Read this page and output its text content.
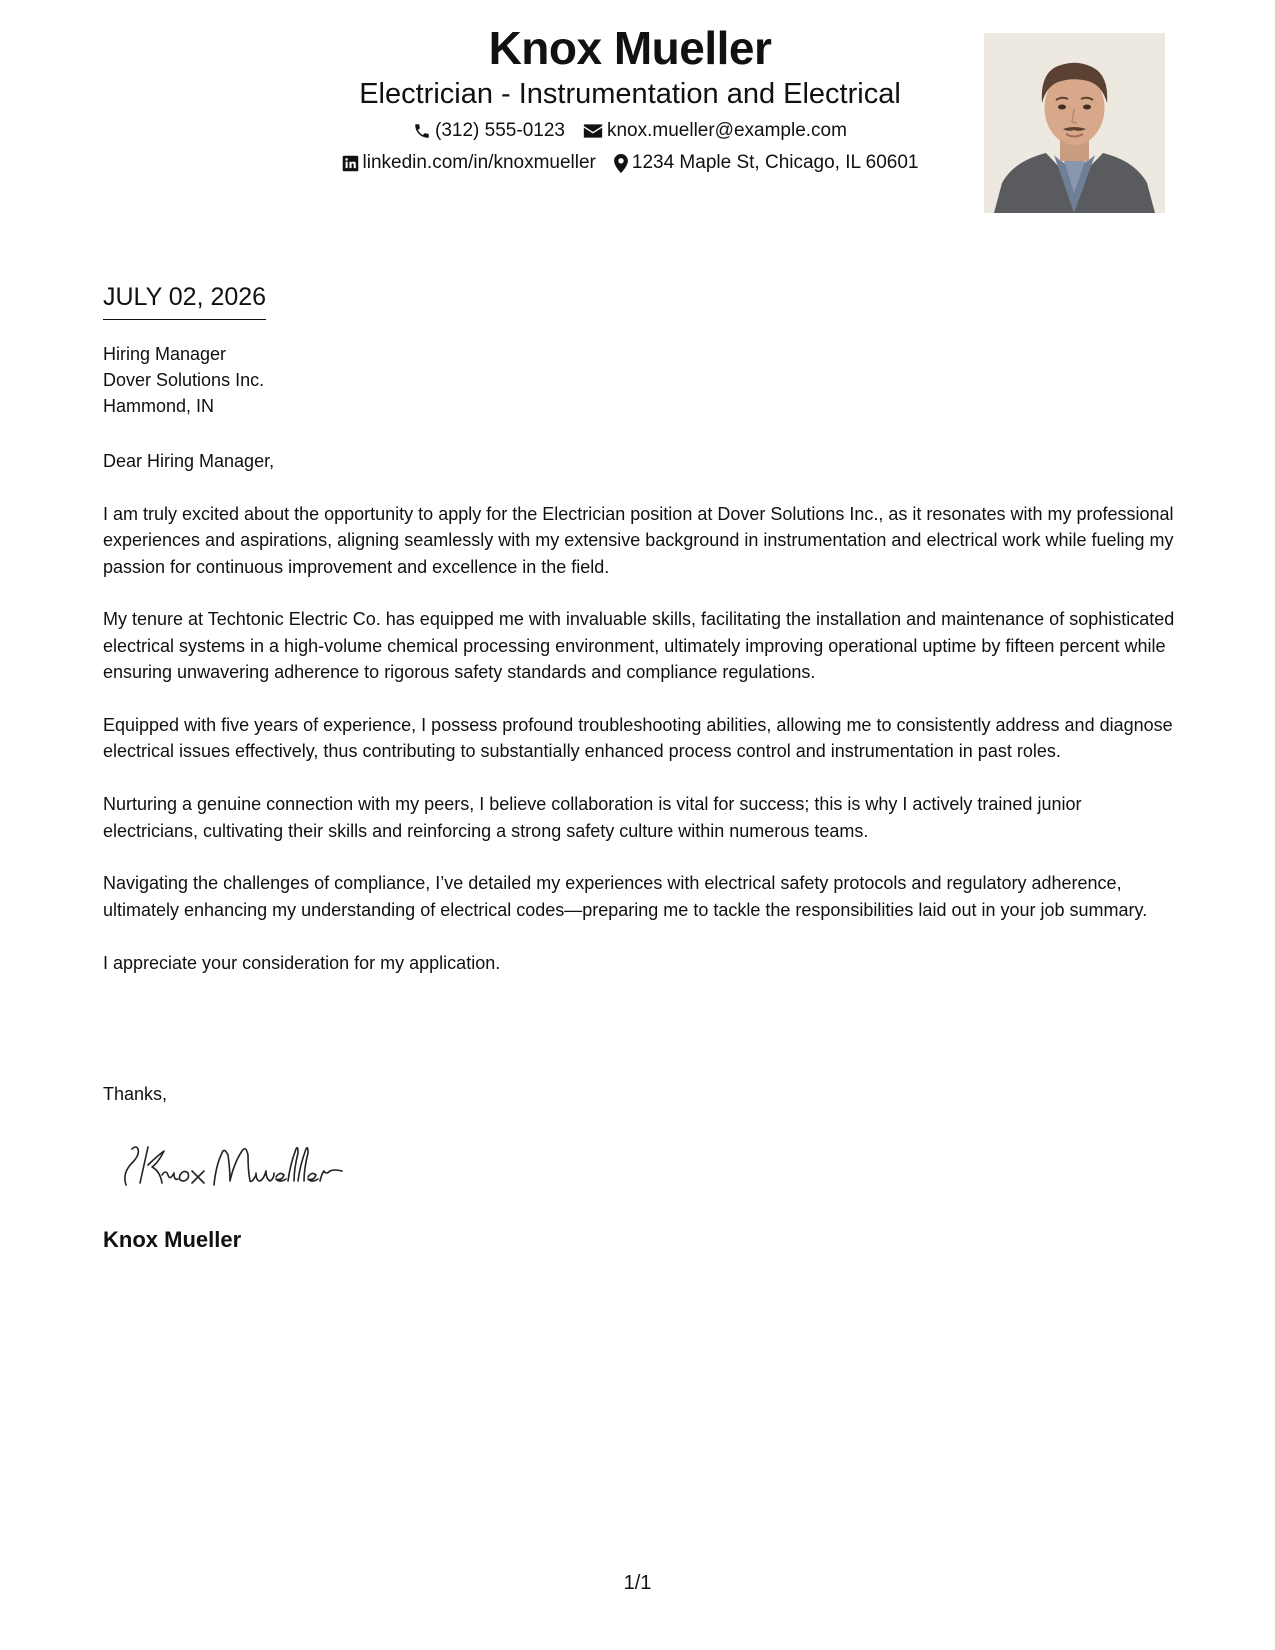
Knox Mueller
Electrician - Instrumentation and Electrical
(312) 555-0123 knox.mueller@example.com
linkedin.com/in/knoxmueller 1234 Maple St, Chicago, IL 60601
JULY 02, 2026
Hiring Manager
Dover Solutions Inc.
Hammond, IN

Dear Hiring Manager,

I am truly excited about the opportunity to apply for the Electrician position at Dover Solutions Inc., as it resonates with my professional experiences and aspirations, aligning seamlessly with my extensive background in instrumentation and electrical work while fueling my passion for continuous improvement and excellence in the field.

My tenure at Techtonic Electric Co. has equipped me with invaluable skills, facilitating the installation and maintenance of sophisticated electrical systems in a high-volume chemical processing environment, ultimately improving operational uptime by fifteen percent while ensuring unwavering adherence to rigorous safety standards and compliance regulations.

Equipped with five years of experience, I possess profound troubleshooting abilities, allowing me to consistently address and diagnose electrical issues effectively, thus contributing to substantially enhanced process control and instrumentation in past roles.

Nurturing a genuine connection with my peers, I believe collaboration is vital for success; this is why I actively trained junior electricians, cultivating their skills and reinforcing a strong safety culture within numerous teams.

Navigating the challenges of compliance, I’ve detailed my experiences with electrical safety protocols and regulatory adherence, ultimately enhancing my understanding of electrical codes—preparing me to tackle the responsibilities laid out in your job summary.

I appreciate your consideration for my application.

Thanks,
Knox Mueller
1/1
